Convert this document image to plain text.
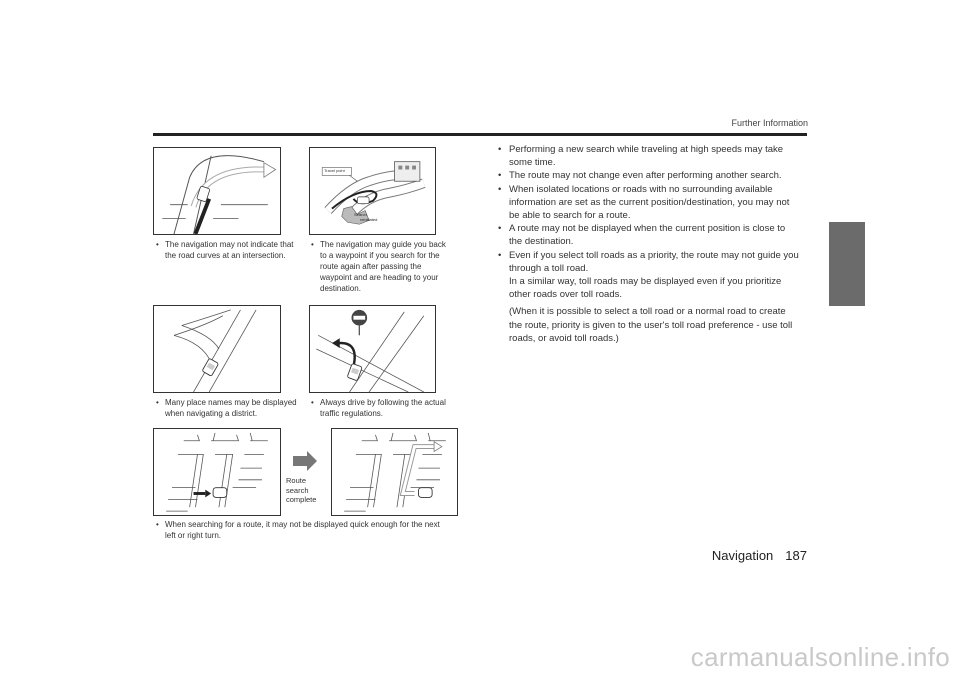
Further Information
• The navigation may not indicate that
the road curves at an intersection.
Travel point
Search
reinitiated
• The navigation may guide you back
to a waypoint if you search for the
route again after passing the
waypoint and are heading to your
destination.
• Many place names may be displayed
when navigating a district.
• Always drive by following the actual
traffic regulations.
Route
search
complete
• When searching for a route, it may not be displayed quick enough for the next
left or right turn.
• Performing a new search while traveling at high speeds may take
some time.
• The route may not change even after performing another search.
• When isolated locations or roads with no surrounding available
information are set as the current position/destination, you may not
be able to search for a route.
• A route may not be displayed when the current position is close to
the destination.
• Even if you select toll roads as a priority, the route may not guide you
through a toll road.
In a similar way, toll roads may be displayed even if you prioritize
other roads over toll roads.
(When it is possible to select a toll road or a normal road to create
the route, priority is given to the user's toll road preference - use toll
roads, or avoid toll roads.)
Navigation 187
carmanualsonline.info
